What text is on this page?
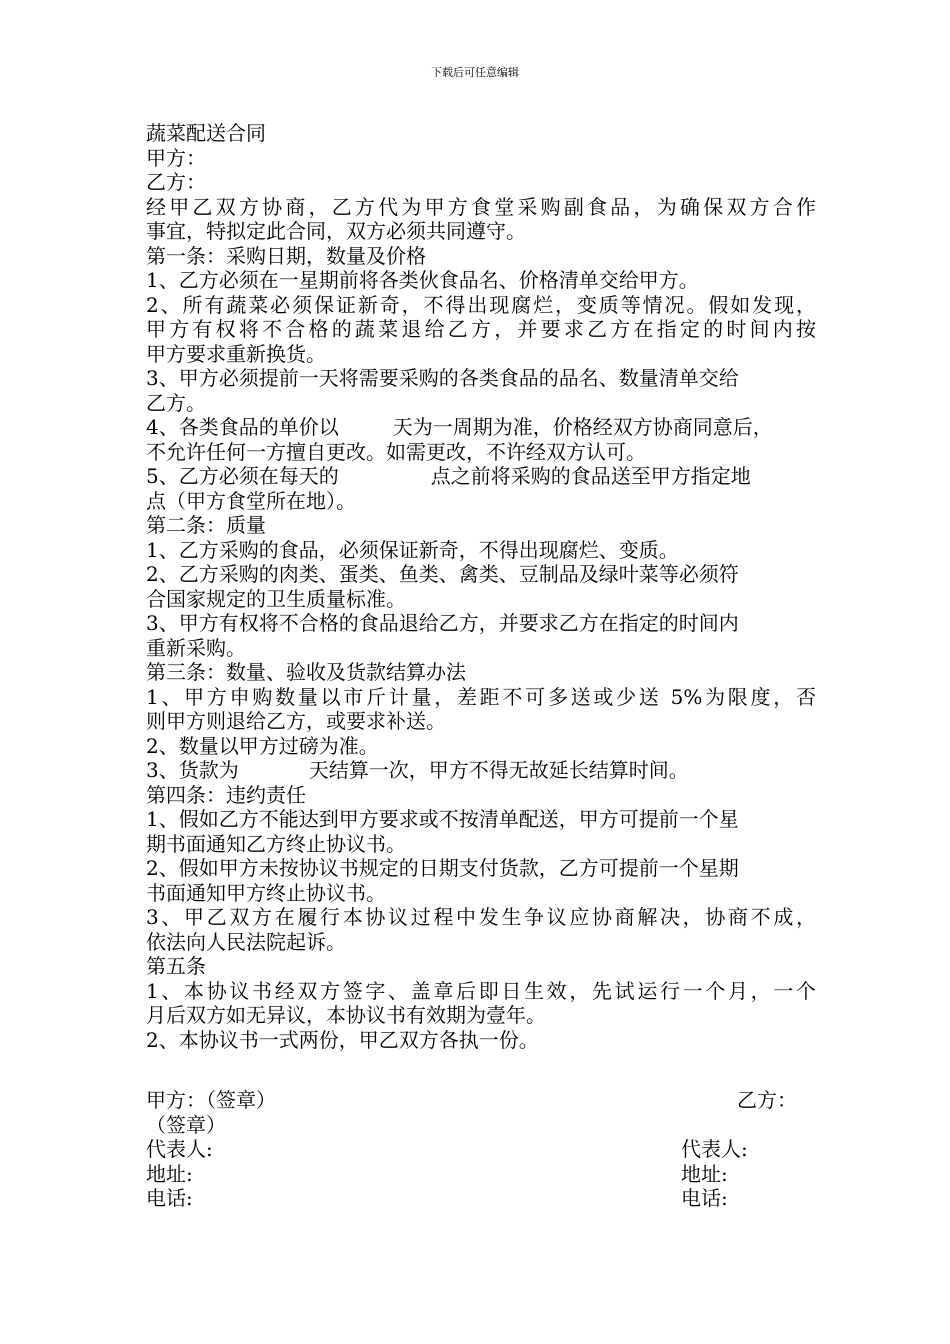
下载后可任意编辑
蔬菜配送合同
甲方：
乙方：
经甲乙双方协商，乙方代为甲方食堂采购副食品，为确保双方合作
事宜，特拟定此合同，双方必须共同遵守。
第一条：采购日期，数量及价格
1、乙方必须在一星期前将各类伙食品名、价格清单交给甲方。
2、所有蔬菜必须保证新奇，不得出现腐烂，变质等情况。假如发现，
甲方有权将不合格的蔬菜退给乙方，并要求乙方在指定的时间内按
甲方要求重新换货。
3、甲方必须提前一天将需要采购的各类食品的品名、数量清单交给
乙方。
4、各类食品的单价以	天为一周期为准，价格经双方协商同意后，
不允许任何一方擅自更改。如需更改，不许经双方认可。
5、乙方必须在每天的	点之前将采购的食品送至甲方指定地
点（甲方食堂所在地）。
第二条：质量
1、乙方采购的食品，必须保证新奇，不得出现腐烂、变质。
2、乙方采购的肉类、蛋类、鱼类、禽类、豆制品及绿叶菜等必须符
合国家规定的卫生质量标准。
3、甲方有权将不合格的食品退给乙方，并要求乙方在指定的时间内
重新采购。
第三条：数量、验收及货款结算办法
1、甲方申购数量以市斤计量，差距不可多送或少送 5%为限度，否
则甲方则退给乙方，或要求补送。
2、数量以甲方过磅为准。
3、货款为	天结算一次，甲方不得无故延长结算时间。
第四条：违约责任
1、假如乙方不能达到甲方要求或不按清单配送，甲方可提前一个星
期书面通知乙方终止协议书。
2、假如甲方未按协议书规定的日期支付货款，乙方可提前一个星期
书面通知甲方终止协议书。
3、甲乙双方在履行本协议过程中发生争议应协商解决，协商不成，
依法向人民法院起诉。
第五条
1、本协议书经双方签字、盖章后即日生效，先试运行一个月，一个
月后双方如无异议，本协议书有效期为壹年。
2、本协议书一式两份，甲乙双方各执一份。
甲方：（签章）	乙方：
（签章）
代表人:	代表人:
地址:	地址:
电话:	电话:
